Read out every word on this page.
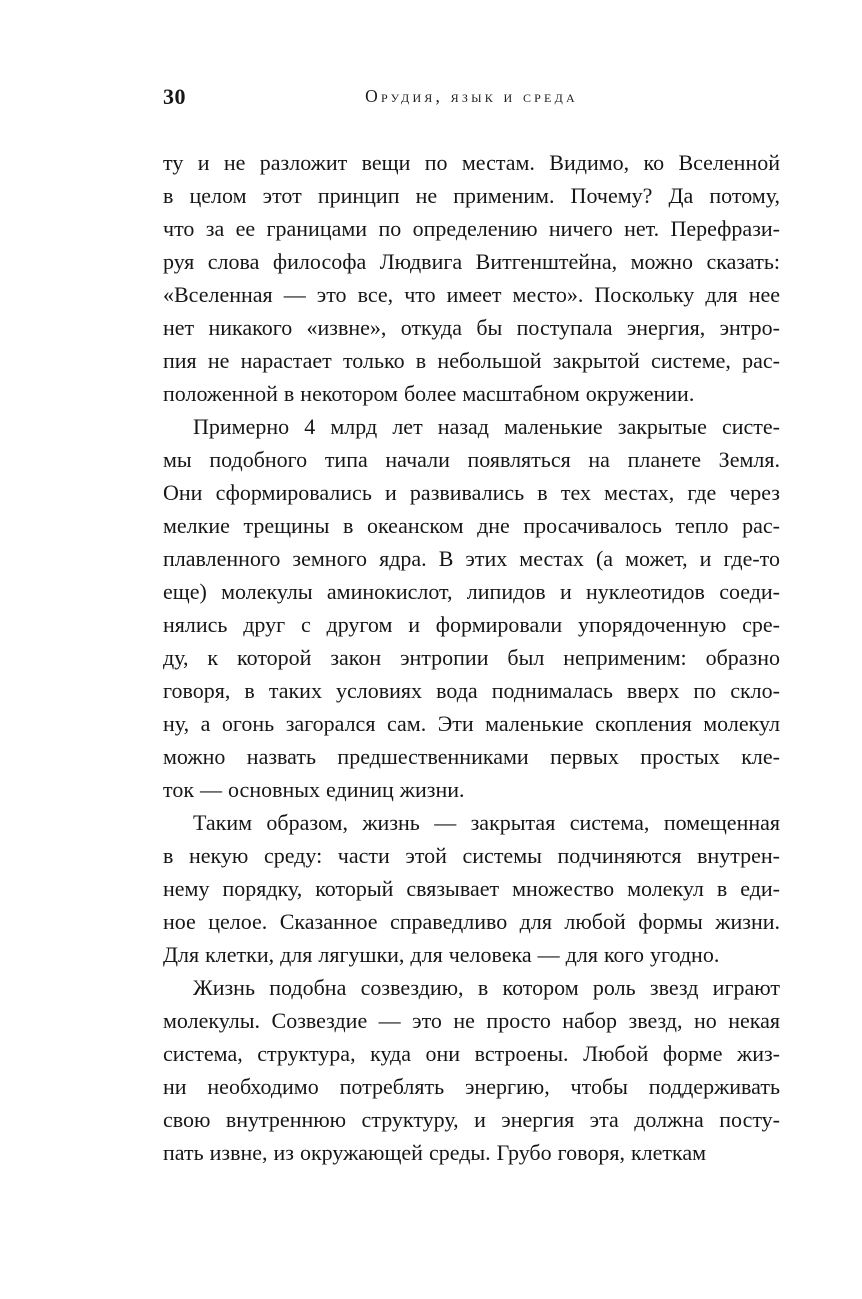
30	Орудия, язык и среда
ту и не разложит вещи по местам. Видимо, ко Вселенной
в целом этот принцип не применим. Почему? Да потому,
что за ее границами по определению ничего нет. Перефрази-
руя слова философа Людвига Витгенштейна, можно сказать:
«Вселенная — это все, что имеет место». Поскольку для нее
нет никакого «извне», откуда бы поступала энергия, энтро-
пия не нарастает только в небольшой закрытой системе, рас-
положенной в некотором более масштабном окружении.
Примерно 4 млрд лет назад маленькие закрытые систе-
мы подобного типа начали появляться на планете Земля.
Они сформировались и развивались в тех местах, где через
мелкие трещины в океанском дне просачивалось тепло рас-
плавленного земного ядра. В этих местах (а может, и где-то
еще) молекулы аминокислот, липидов и нуклеотидов соеди-
нялись друг с другом и формировали упорядоченную сре-
ду, к которой закон энтропии был неприменим: образно
говоря, в таких условиях вода поднималась вверх по скло-
ну, а огонь загорался сам. Эти маленькие скопления молекул
можно назвать предшественниками первых простых кле-
ток — основных единиц жизни.
Таким образом, жизнь — закрытая система, помещенная
в некую среду: части этой системы подчиняются внутрен-
нему порядку, который связывает множество молекул в еди-
ное целое. Сказанное справедливо для любой формы жизни.
Для клетки, для лягушки, для человека — для кого угодно.
Жизнь подобна созвездию, в котором роль звезд играют
молекулы. Созвездие — это не просто набор звезд, но некая
система, структура, куда они встроены. Любой форме жиз-
ни необходимо потреблять энергию, чтобы поддерживать
свою внутреннюю структуру, и энергия эта должна посту-
пать извне, из окружающей среды. Грубо говоря, клеткам
